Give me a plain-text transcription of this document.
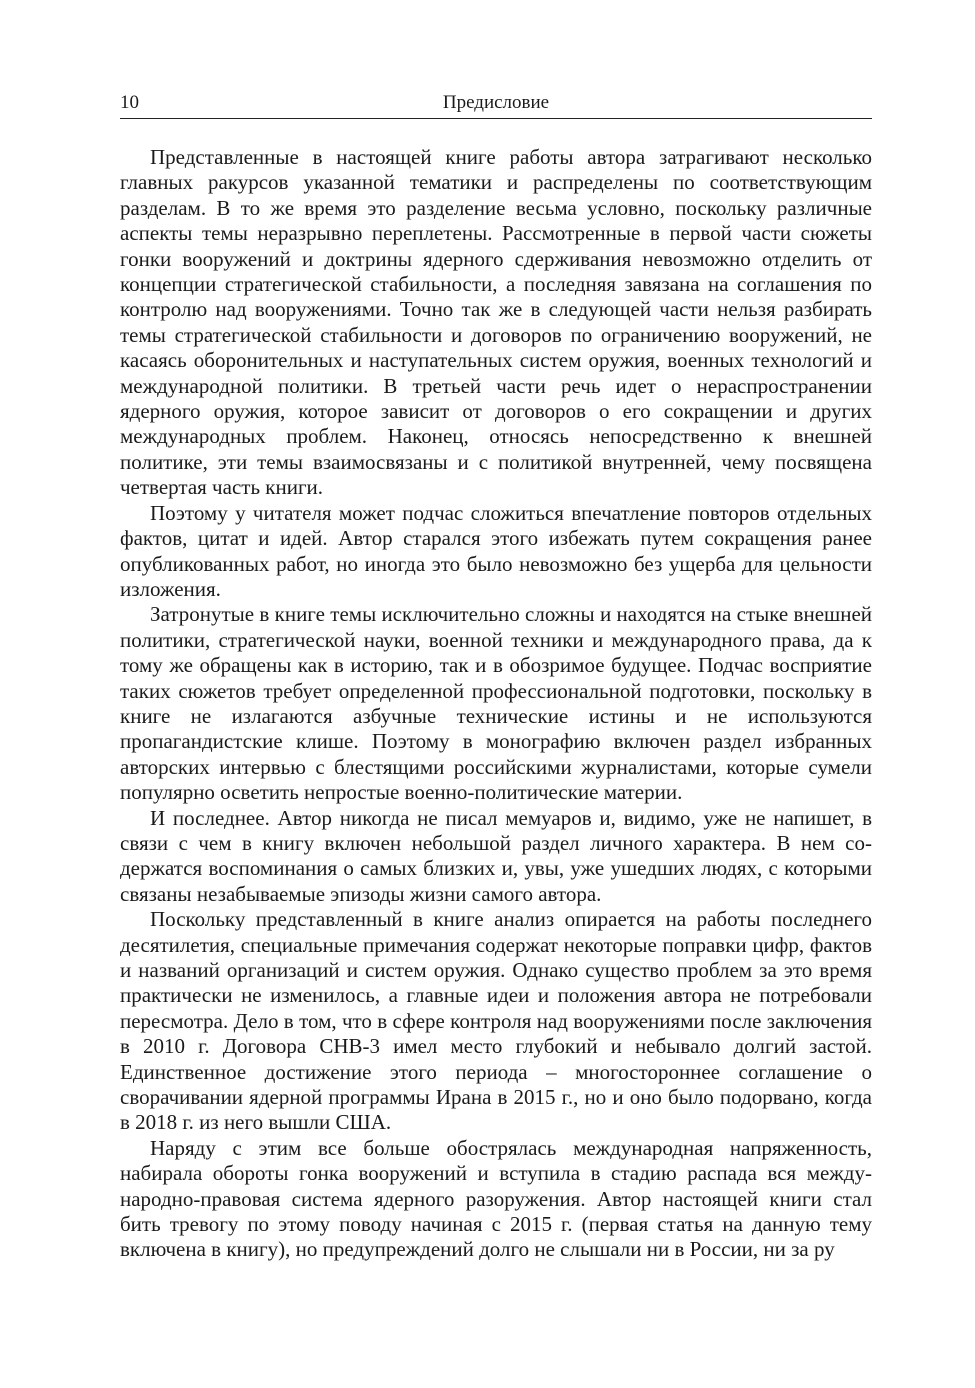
10	Предисловие

Представленные в настоящей книге работы автора затрагивают несколько главных ракурсов указанной тематики и распределены по соответствующим разделам. В то же время это разделение весьма условно, поскольку различные аспекты темы неразрывно переплетены. Рассмотренные в первой части сюжеты гонки вооружений и доктрины ядерного сдерживания невозможно отделить от концепции стратегической стабильности, а последняя завязана на соглашения по контролю над вооружениями. Точно так же в следующей части нельзя разбирать темы стратегической стабильности и договоров по ограничению вооружений, не касаясь оборонительных и наступательных систем оружия, военных технологий и международной политики. В третьей части речь идет о нераспространении ядерного оружия, которое зависит от договоров о его сокращении и других международных проблем. Наконец, относясь непосредственно к внешней политике, эти темы взаимосвязаны и с политикой внутренней, чему посвящена четвертая часть книги.

Поэтому у читателя может подчас сложиться впечатление повторов отдельных фактов, цитат и идей. Автор старался этого избежать путем сокращения ранее опубликованных работ, но иногда это было невозможно без ущерба для цельности изложения.

Затронутые в книге темы исключительно сложны и находятся на стыке внешней политики, стратегической науки, военной техники и международного права, да к тому же обращены как в историю, так и в обозримое будущее. Подчас восприятие таких сюжетов требует определенной профессиональной подготовки, поскольку в книге не излагаются азбучные технические истины и не используются пропагандистские клише. Поэтому в монографию включен раздел избранных авторских интервью с блестящими российскими журналистами, которые сумели популярно осветить непростые военно-политические материи.

И последнее. Автор никогда не писал мемуаров и, видимо, уже не напишет, в связи с чем в книгу включен небольшой раздел личного характера. В нем содержатся воспоминания о самых близких и, увы, уже ушедших людях, с которыми связаны незабываемые эпизоды жизни самого автора.

Поскольку представленный в книге анализ опирается на работы последнего десятилетия, специальные примечания содержат некоторые поправки цифр, фактов и названий организаций и систем оружия. Однако существо проблем за это время практически не изменилось, а главные идеи и положения автора не потребовали пересмотра. Дело в том, что в сфере контроля над вооружениями после заключения в 2010 г. Договора СНВ-3 имел место глубокий и небывало долгий застой. Единственное достижение этого периода – многостороннее соглашение о сворачивании ядерной программы Ирана в 2015 г., но и оно было подорвано, когда в 2018 г. из него вышли США.

Наряду с этим все больше обострялась международная напряженность, набирала обороты гонка вооружений и вступила в стадию распада вся международно-правовая система ядерного разоружения. Автор настоящей книги стал бить тревогу по этому поводу начиная с 2015 г. (первая статья на данную тему включена в книгу), но предупреждений долго не слышали ни в России, ни за ру
